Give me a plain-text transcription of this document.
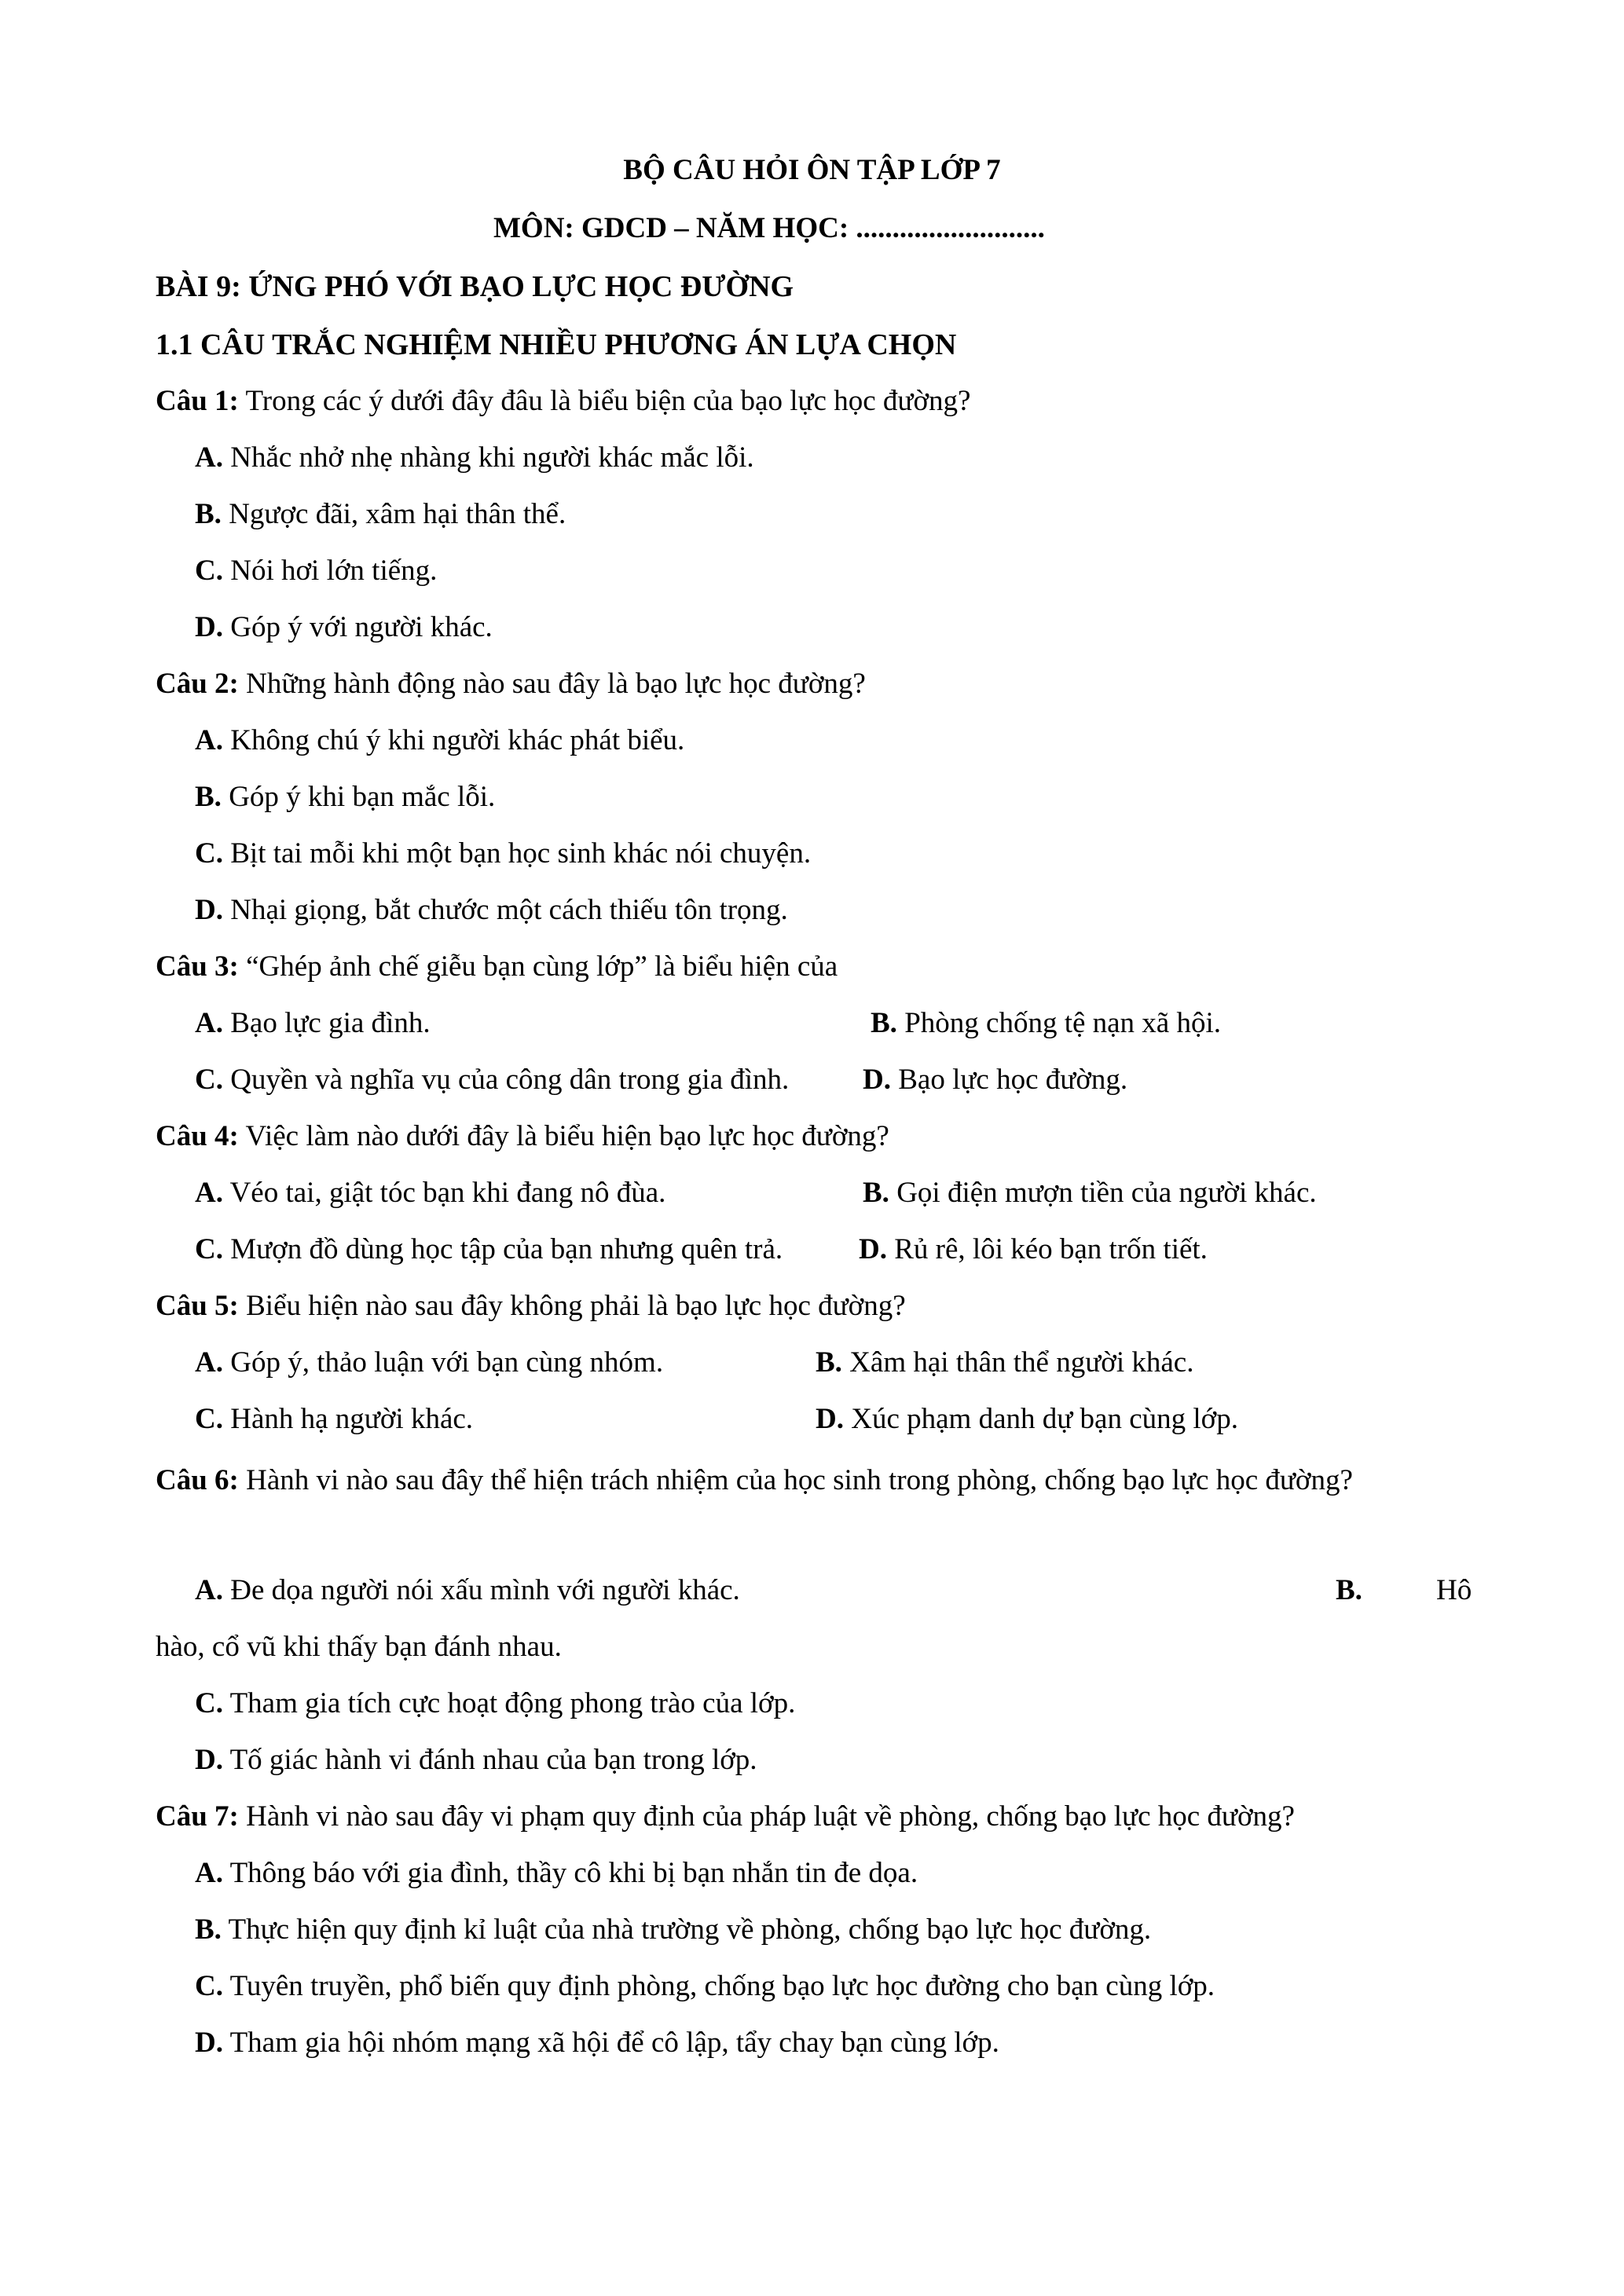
BỘ CÂU HỎI ÔN TẬP LỚP 7
MÔN: GDCD – NĂM HỌC: ..........................
BÀI 9: ỨNG PHÓ VỚI BẠO LỰC HỌC ĐƯỜNG
1.1 CÂU TRẮC NGHIỆM NHIỀU PHƯƠNG ÁN LỰA CHỌN
Câu 1: Trong các ý dưới đây đâu là biểu biện của bạo lực học đường?
A. Nhắc nhở nhẹ nhàng khi người khác mắc lỗi.
B. Ngược đãi, xâm hại thân thể.
C. Nói hơi lớn tiếng.
D. Góp ý với người khác.
Câu 2: Những hành động nào sau đây là bạo lực học đường?
A. Không chú ý khi người khác phát biểu.
B. Góp ý khi bạn mắc lỗi.
C. Bịt tai mỗi khi một bạn học sinh khác nói chuyện.
D. Nhại giọng, bắt chước một cách thiếu tôn trọng.
Câu 3: “Ghép ảnh chế giễu bạn cùng lớp” là biểu hiện của
A. Bạo lực gia đình.	B. Phòng chống tệ nạn xã hội.
C. Quyền và nghĩa vụ của công dân trong gia đình.	D. Bạo lực học đường.
Câu 4: Việc làm nào dưới đây là biểu hiện bạo lực học đường?
A. Véo tai, giật tóc bạn khi đang nô đùa.	B. Gọi điện mượn tiền của người khác.
C. Mượn đồ dùng học tập của bạn nhưng quên trả.	D. Rủ rê, lôi kéo bạn trốn tiết.
Câu 5: Biểu hiện nào sau đây không phải là bạo lực học đường?
A. Góp ý, thảo luận với bạn cùng nhóm.	B. Xâm hại thân thể người khác.
C. Hành hạ người khác.	D. Xúc phạm danh dự bạn cùng lớp.
Câu 6: Hành vi nào sau đây thể hiện trách nhiệm của học sinh trong phòng, chống bạo lực học đường?
A. Đe dọa người nói xấu mình với người khác.	B.	Hô
hào, cổ vũ khi thấy bạn đánh nhau.
C. Tham gia tích cực hoạt động phong trào của lớp.
D. Tố giác hành vi đánh nhau của bạn trong lớp.
Câu 7: Hành vi nào sau đây vi phạm quy định của pháp luật về phòng, chống bạo lực học đường?
A. Thông báo với gia đình, thầy cô khi bị bạn nhắn tin đe dọa.
B. Thực hiện quy định kỉ luật của nhà trường về phòng, chống bạo lực học đường.
C. Tuyên truyền, phổ biến quy định phòng, chống bạo lực học đường cho bạn cùng lớp.
D. Tham gia hội nhóm mạng xã hội để cô lập, tẩy chay bạn cùng lớp.
